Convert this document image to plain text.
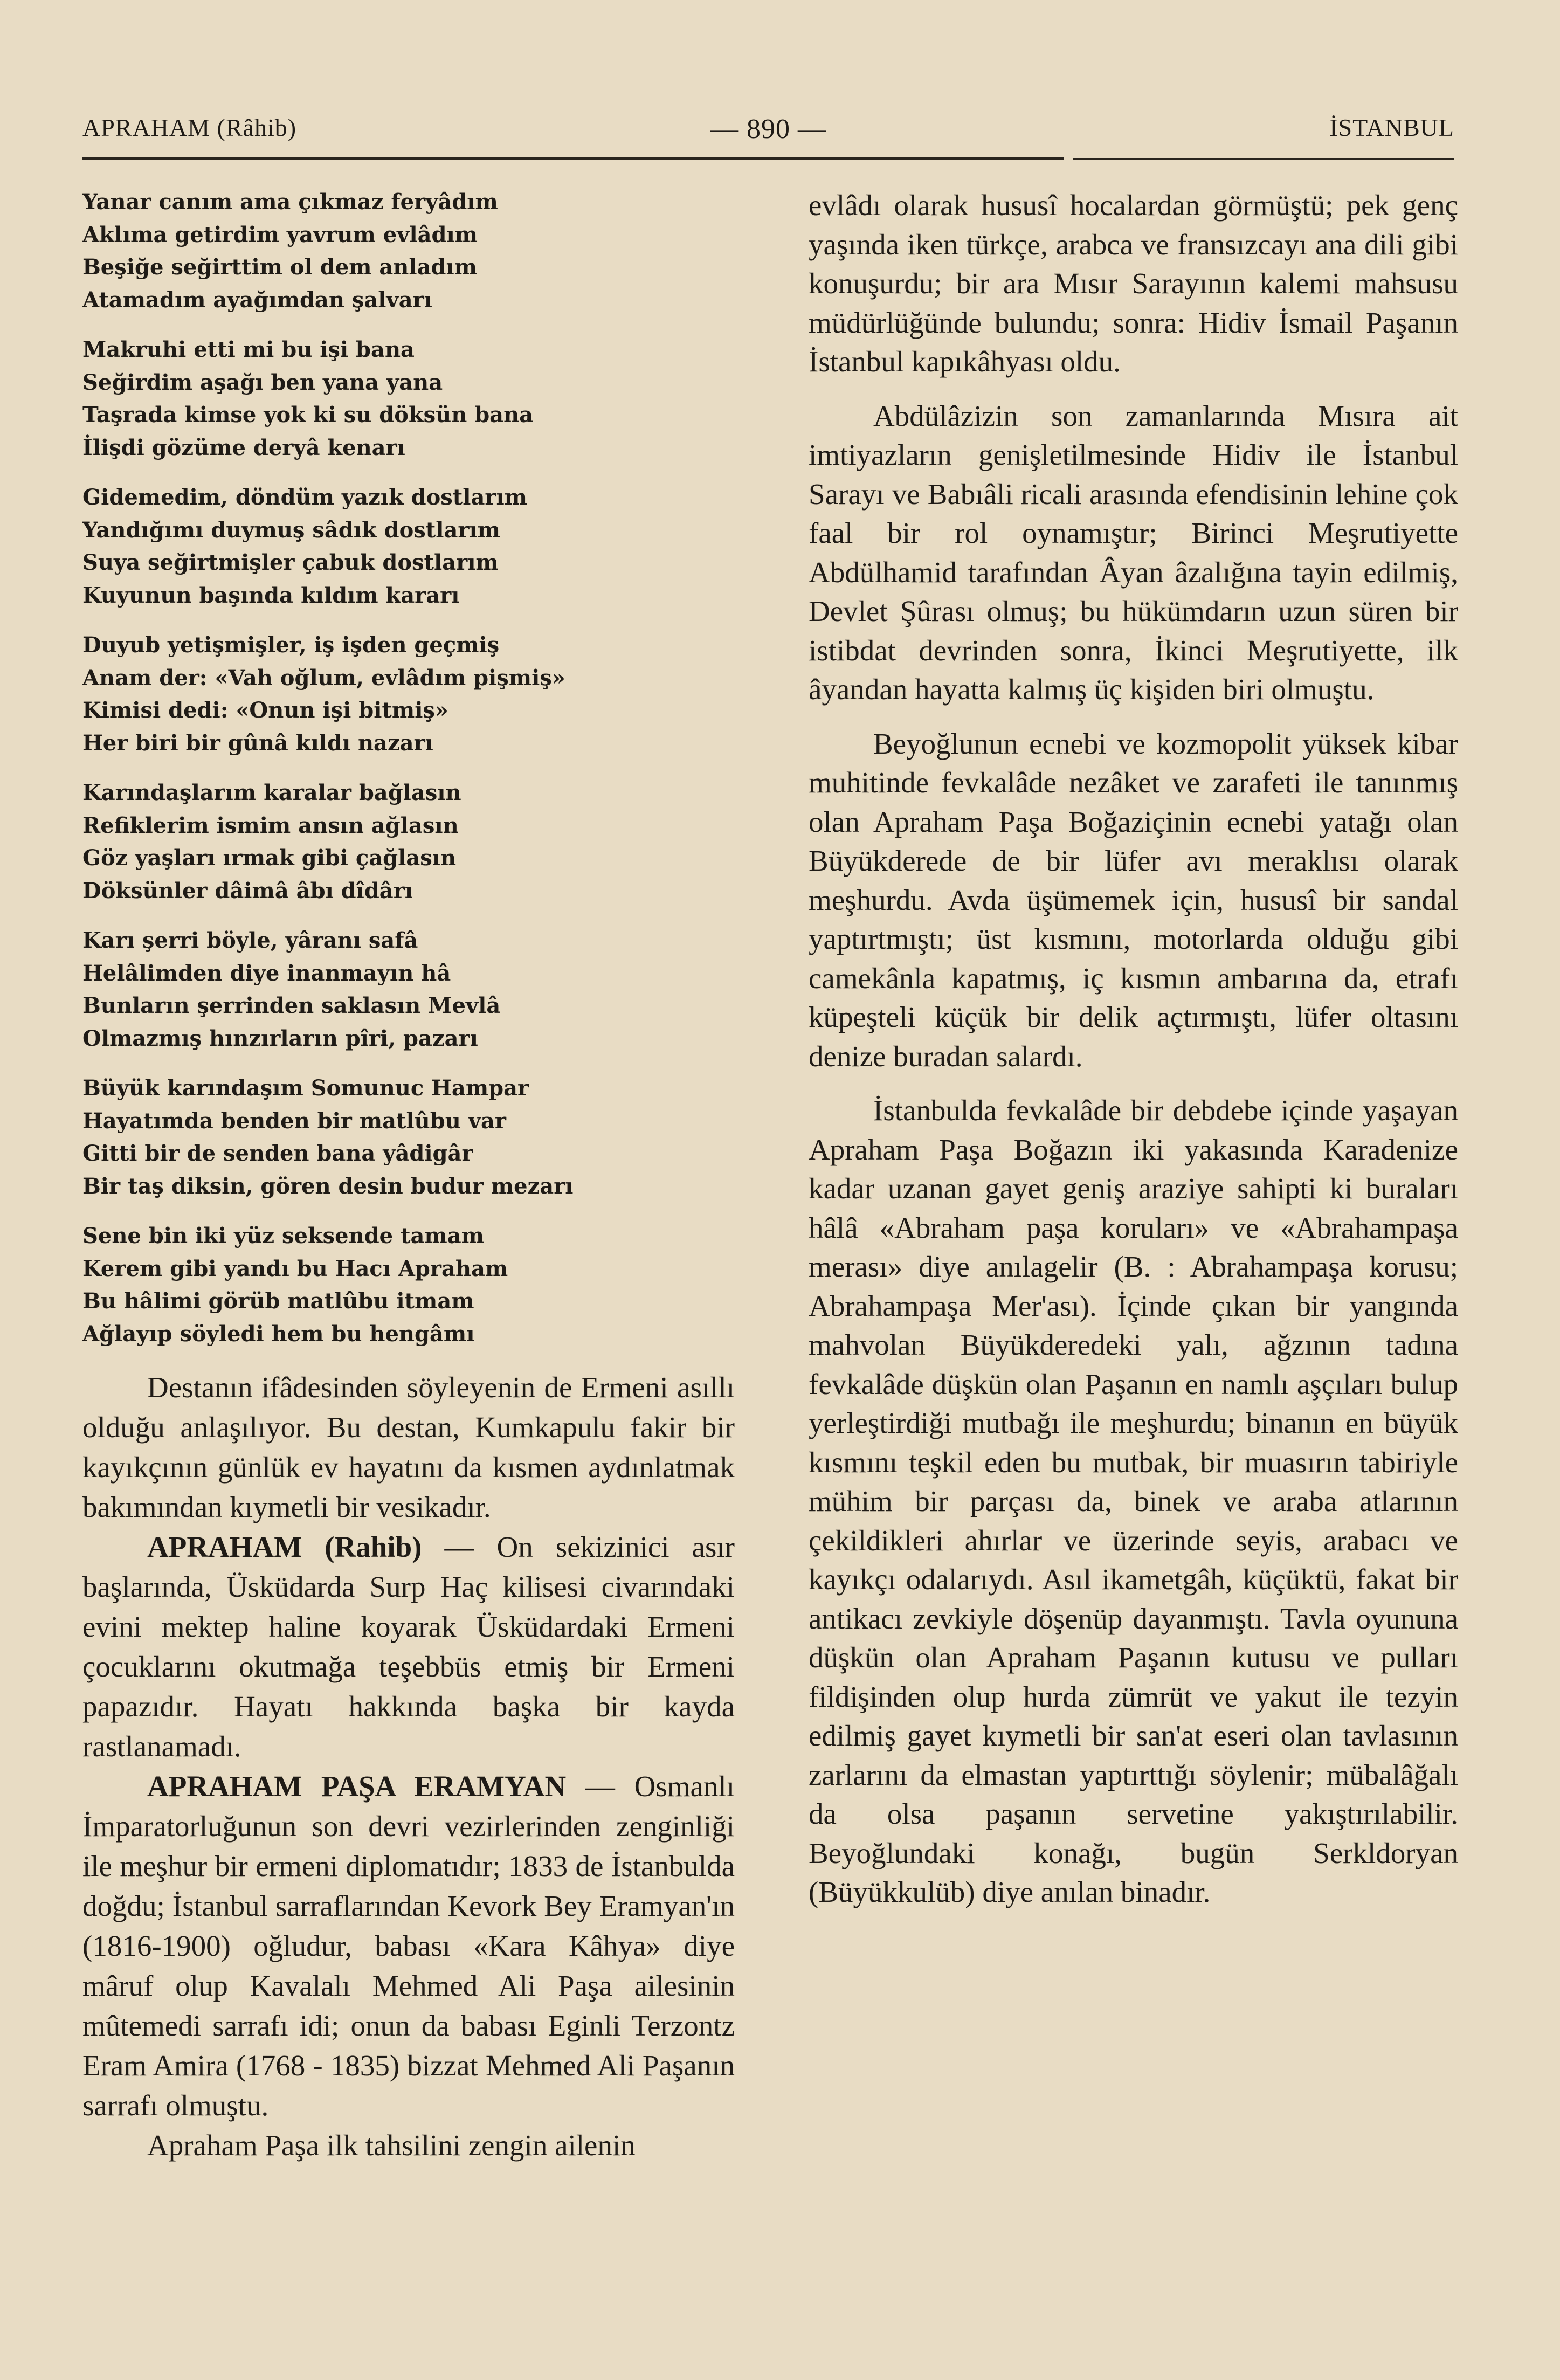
APRAHAM (Râhib)	— 890 —	İSTANBUL
Yanar canım ama çıkmaz feryâdım
Aklıma getirdim yavrum evlâdım
Beşiğe seğirttim ol dem anladım
Atamadım ayağımdan şalvarı
Makruhi etti mi bu işi bana
Seğirdim aşağı ben yana yana
Taşrada kimse yok ki su döksün bana
İlişdi gözüme deryâ kenarı
Gidemedim, döndüm yazık dostlarım
Yandığımı duymuş sâdık dostlarım
Suya seğirtmişler çabuk dostlarım
Kuyunun başında kıldım kararı
Duyub yetişmişler, iş işden geçmiş
Anam der: «Vah oğlum, evlâdım pişmiş»
Kimisi dedi: «Onun işi bitmiş»
Her biri bir gûnâ kıldı nazarı
Karındaşlarım karalar bağlasın
Refiklerim ismim ansın ağlasın
Göz yaşları ırmak gibi çağlasın
Döksünler dâimâ âbı dîdârı
Karı şerri böyle, yâranı safâ
Helâlimden diye inanmayın hâ
Bunların şerrinden saklasın Mevlâ
Olmazmış hınzırların pîri, pazarı
Büyük karındaşım Somunuc Hampar
Hayatımda benden bir matlûbu var
Gitti bir de senden bana yâdigâr
Bir taş diksin, gören desin budur mezarı
Sene bin iki yüz seksende tamam
Kerem gibi yandı bu Hacı Apraham
Bu hâlimi görüb matlûbu itmam
Ağlayıp söyledi hem bu hengâmı

Destanın ifâdesinden söyleyenin de Ermeni asıllı olduğu anlaşılıyor. Bu destan, Kumkapulu fakir bir kayıkçının günlük ev hayatını da kısmen aydınlatmak bakımından kıymetli bir vesikadır.

APRAHAM (Rahib) — On sekizinici asır başlarında, Üsküdarda Surp Haç kilisesi civarındaki evini mektep haline koyarak Üsküdardaki Ermeni çocuklarını okutmağa teşebbüs etmiş bir Ermeni papazıdır. Hayatı hakkında başka bir kayda rastlanamadı.

APRAHAM PAŞA ERAMYAN — Osmanlı İmparatorluğunun son devri vezirlerinden zenginliği ile meşhur bir ermeni diplomatıdır; 1833 de İstanbulda doğdu; İstanbul sarraflarından Kevork Bey Eramyan'ın (1816-1900) oğludur, babası «Kara Kâhya» diye mâruf olup Kavalalı Mehmed Ali Paşa ailesinin mûtemedi sarrafı idi; onun da babası Eginli Terzontz Eram Amira (1768 - 1835) bizzat Mehmed Ali Paşanın sarrafı olmuştu.

Apraham Paşa ilk tahsilini zengin ailenin

evlâdı olarak hususî hocalardan görmüştü; pek genç yaşında iken türkçe, arabca ve fransızcayı ana dili gibi konuşurdu; bir ara Mısır Sarayının kalemi mahsusu müdürlüğünde bulundu; sonra: Hidiv İsmail Paşanın İstanbul kapıkâhyası oldu.

Abdülâzizin son zamanlarında Mısıra ait imtiyazların genişletilmesinde Hidiv ile İstanbul Sarayı ve Babıâli ricali arasında efendisinin lehine çok faal bir rol oynamıştır; Birinci Meşrutiyette Abdülhamid tarafından Âyan âzalığına tayin edilmiş, Devlet Şûrası olmuş; bu hükümdarın uzun süren bir istibdat devrinden sonra, İkinci Meşrutiyette, ilk âyandan hayatta kalmış üç kişiden biri olmuştu.

Beyoğlunun ecnebi ve kozmopolit yüksek kibar muhitinde fevkalâde nezâket ve zarafeti ile tanınmış olan Apraham Paşa Boğaziçinin ecnebi yatağı olan Büyükderede de bir lüfer avı meraklısı olarak meşhurdu. Avda üşümemek için, hususî bir sandal yaptırtmıştı; üst kısmını, motorlarda olduğu gibi camekânla kapatmış, iç kısmın ambarına da, etrafı küpeşteli küçük bir delik açtırmıştı, lüfer oltasını denize buradan salardı.

İstanbulda fevkalâde bir debdebe içinde yaşayan Apraham Paşa Boğazın iki yakasında Karadenize kadar uzanan gayet geniş araziye sahipti ki buraları hâlâ «Abraham paşa koruları» ve «Abrahampaşa merası» diye anılagelir (B. : Abrahampaşa korusu; Abrahampaşa Mer'ası). İçinde çıkan bir yangında mahvolan Büyükderedeki yalı, ağzının tadına fevkalâde düşkün olan Paşanın en namlı aşçıları bulup yerleştirdiği mutbağı ile meşhurdu; binanın en büyük kısmını teşkil eden bu mutbak, bir muasırın tabiriyle mühim bir parçası da, binek ve araba atlarının çekildikleri ahırlar ve üzerinde seyis, arabacı ve kayıkçı odalarıydı. Asıl ikametgâh, küçüktü, fakat bir antikacı zevkiyle döşenüp dayanmıştı. Tavla oyununa düşkün olan Apraham Paşanın kutusu ve pulları fildişinden olup hurda zümrüt ve yakut ile tezyin edilmiş gayet kıymetli bir san'at eseri olan tavlasının zarlarını da elmastan yaptırttığı söylenir; mübalâğalı da olsa paşanın servetine yakıştırılabilir. Beyoğlundaki konağı, bugün Serkldoryan (Büyükkulüb) diye anılan binadır.
